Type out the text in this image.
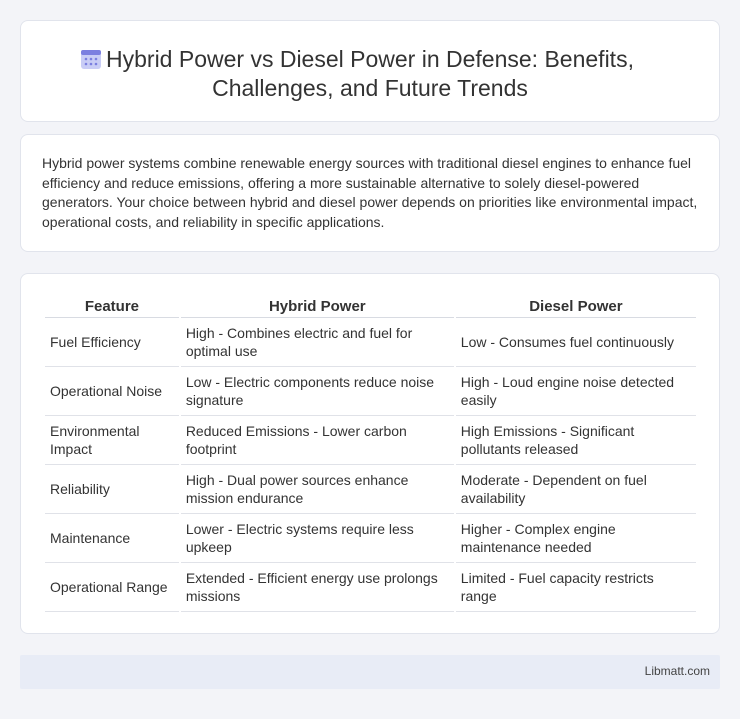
Hybrid Power vs Diesel Power in Defense: Benefits,
Challenges, and Future Trends

Hybrid power systems combine renewable energy sources with traditional diesel engines to enhance fuel efficiency and reduce emissions, offering a more sustainable alternative to solely diesel-powered generators. Your choice between hybrid and diesel power depends on priorities like environmental impact, operational costs, and reliability in specific applications.

Feature	Hybrid Power	Diesel Power
Fuel Efficiency	High - Combines electric and fuel for optimal use	Low - Consumes fuel continuously
Operational Noise	Low - Electric components reduce noise signature	High - Loud engine noise detected easily
Environmental Impact	Reduced Emissions - Lower carbon footprint	High Emissions - Significant pollutants released
Reliability	High - Dual power sources enhance mission endurance	Moderate - Dependent on fuel availability
Maintenance	Lower - Electric systems require less upkeep	Higher - Complex engine maintenance needed
Operational Range	Extended - Efficient energy use prolongs missions	Limited - Fuel capacity restricts range
Libmatt.com
